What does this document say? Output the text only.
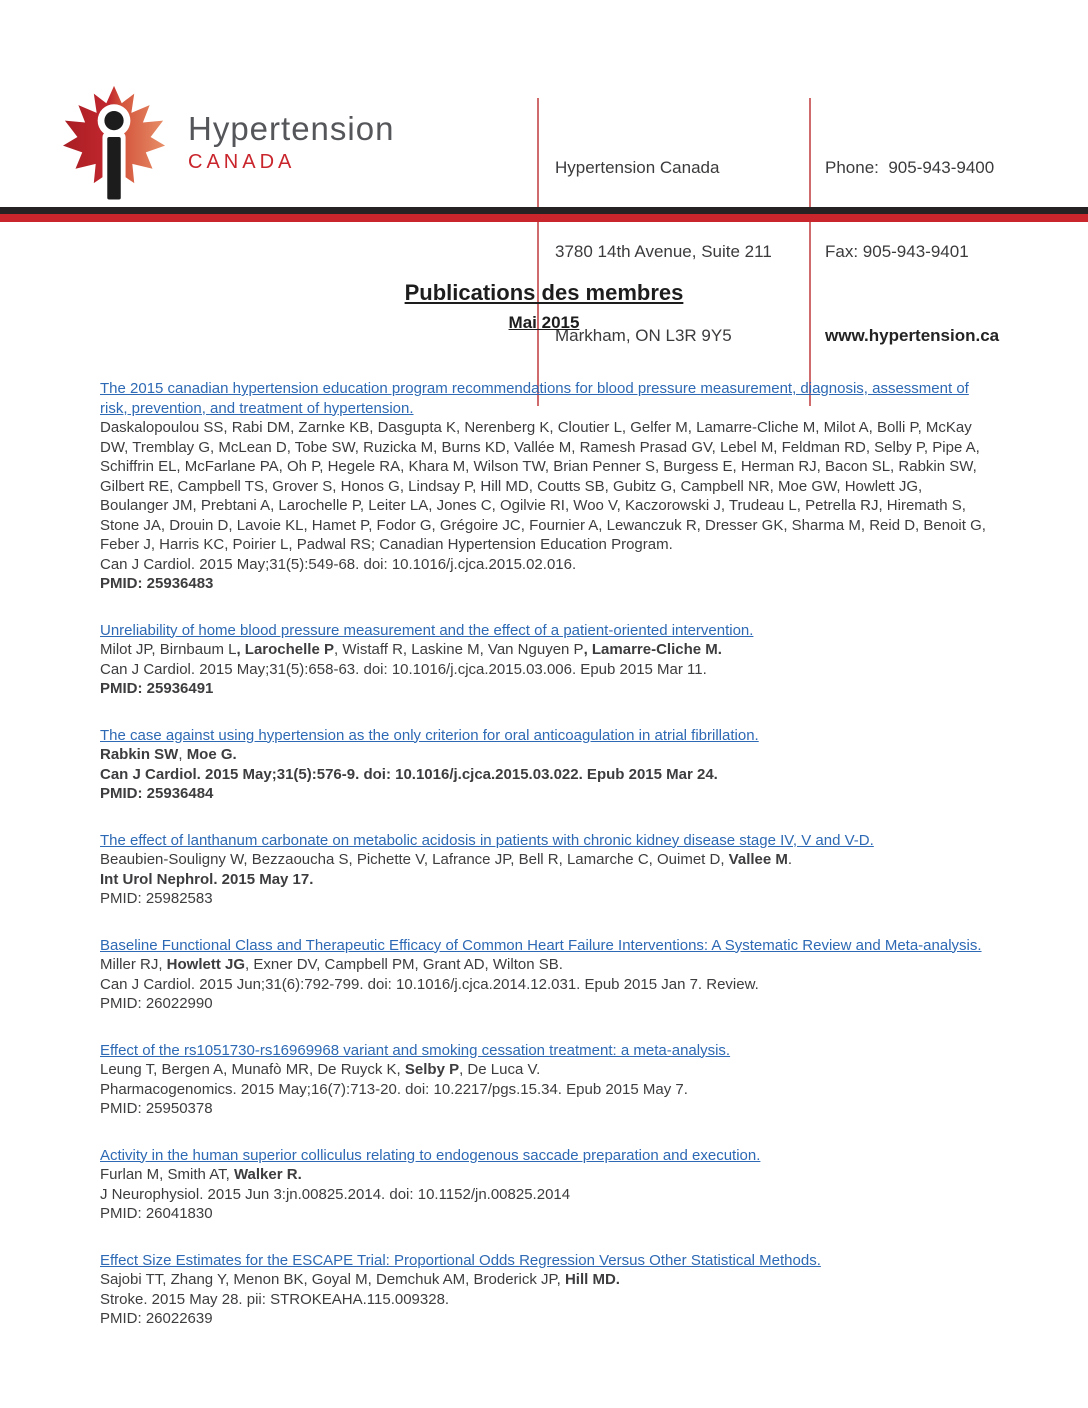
Hypertension
CANADA

	Hypertension Canada

3780 14th Avenue, Suite 211

Markham, ON L3R 9Y5

Phone:  905-943-9400

Fax: 905-943-9401

www.hypertension.ca

Publications des membres
Mai 2015
The 2015 canadian hypertension education program recommendations for blood pressure measurement, diagnosis, assessment of risk, prevention, and treatment of hypertension.
Daskalopoulou SS, Rabi DM, Zarnke KB, Dasgupta K, Nerenberg K, Cloutier L, Gelfer M, Lamarre-Cliche M, Milot A, Bolli P, McKay DW, Tremblay G, McLean D, Tobe SW, Ruzicka M, Burns KD, Vallée M, Ramesh Prasad GV, Lebel M, Feldman RD, Selby P, Pipe A, Schiffrin EL, McFarlane PA, Oh P, Hegele RA, Khara M, Wilson TW, Brian Penner S, Burgess E, Herman RJ, Bacon SL, Rabkin SW, Gilbert RE, Campbell TS, Grover S, Honos G, Lindsay P, Hill MD, Coutts SB, Gubitz G, Campbell NR, Moe GW, Howlett JG, Boulanger JM, Prebtani A, Larochelle P, Leiter LA, Jones C, Ogilvie RI, Woo V, Kaczorowski J, Trudeau L, Petrella RJ, Hiremath S, Stone JA, Drouin D, Lavoie KL, Hamet P, Fodor G, Grégoire JC, Fournier A, Lewanczuk R, Dresser GK, Sharma M, Reid D, Benoit G, Feber J, Harris KC, Poirier L, Padwal RS; Canadian Hypertension Education Program.
Can J Cardiol. 2015 May;31(5):549-68. doi: 10.1016/j.cjca.2015.02.016.
PMID: 25936483
Unreliability of home blood pressure measurement and the effect of a patient-oriented intervention.
Milot JP, Birnbaum L, Larochelle P, Wistaff R, Laskine M, Van Nguyen P, Lamarre-Cliche M.
Can J Cardiol. 2015 May;31(5):658-63. doi: 10.1016/j.cjca.2015.03.006. Epub 2015 Mar 11.
PMID: 25936491
The case against using hypertension as the only criterion for oral anticoagulation in atrial fibrillation.
Rabkin SW, Moe G.
Can J Cardiol. 2015 May;31(5):576-9. doi: 10.1016/j.cjca.2015.03.022. Epub 2015 Mar 24.
PMID: 25936484
The effect of lanthanum carbonate on metabolic acidosis in patients with chronic kidney disease stage IV, V and V-D.
Beaubien-Souligny W, Bezzaoucha S, Pichette V, Lafrance JP, Bell R, Lamarche C, Ouimet D, Vallee M.
Int Urol Nephrol. 2015 May 17.
PMID: 25982583
Baseline Functional Class and Therapeutic Efficacy of Common Heart Failure Interventions: A Systematic Review and Meta-analysis.
Miller RJ, Howlett JG, Exner DV, Campbell PM, Grant AD, Wilton SB.
Can J Cardiol. 2015 Jun;31(6):792-799. doi: 10.1016/j.cjca.2014.12.031. Epub 2015 Jan 7. Review.
PMID: 26022990
Effect of the rs1051730-rs16969968 variant and smoking cessation treatment: a meta-analysis.
Leung T, Bergen A, Munafò MR, De Ruyck K, Selby P, De Luca V.
Pharmacogenomics. 2015 May;16(7):713-20. doi: 10.2217/pgs.15.34. Epub 2015 May 7.
PMID: 25950378
Activity in the human superior colliculus relating to endogenous saccade preparation and execution.
Furlan M, Smith AT, Walker R.
J Neurophysiol. 2015 Jun 3:jn.00825.2014. doi: 10.1152/jn.00825.2014
PMID: 26041830
Effect Size Estimates for the ESCAPE Trial: Proportional Odds Regression Versus Other Statistical Methods.
Sajobi TT, Zhang Y, Menon BK, Goyal M, Demchuk AM, Broderick JP, Hill MD.
Stroke. 2015 May 28. pii: STROKEAHA.115.009328.
PMID: 26022639
